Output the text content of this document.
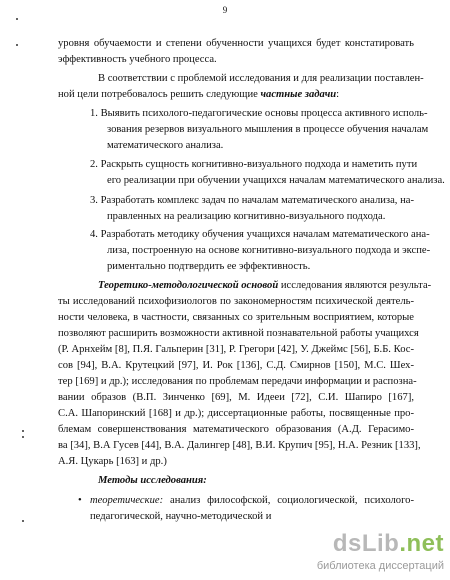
9
уровня обучаемости и степени обученности учащихся будет констатировать
эффективность учебного процесса.
В соответствии с проблемой исследования и для реализации поставлен-
ной цели потребовалось решить следующие частные задачи:
1. Выявить психолого-педагогические основы процесса активного исполь-
зования резервов визуального мышления в процессе обучения началам
математического анализа.
2. Раскрыть сущность когнитивно-визуального подхода и наметить пути
его реализации при обучении учащихся началам математического анализа.
3. Разработать комплекс задач по началам математического анализа, на-
правленных на реализацию когнитивно-визуального подхода.
4. Разработать методику обучения учащихся началам математического ана-
лиза, построенную на основе когнитивно-визуального подхода и экспе-
риментально подтвердить ее эффективность.
Теоретико-методологической основой исследования являются результа-
ты исследований психофизиологов по закономерностям психической деятель-
ности человека, в частности, связанных со зрительным восприятием, которые
позволяют расширить возможности активной познавательной работы учащихся
(Р. Арнхейм [8], П.Я. Гальперин [31], Р. Грегори [42], У. Джеймс [56], Б.Б. Кос-
сов [94], В.А. Крутецкий [97], И. Рок [136], С.Д. Смирнов [150], М.С. Шех-
тер [169] и др.); исследования по проблемам передачи информации и распозна-
вании образов (В.П. Зинченко [69], М. Идееи [72], С.И. Шапиро [167],
С.А. Шапоринский [168] и др.); диссертационные работы, посвященные про-
блемам совершенствования математического образования (А.Д. Герасимо-
ва [34], В.А Гусев [44], В.А. Далингер [48], В.И. Крупич [95], Н.А. Резник [133],
А.Я. Цукарь [163] и др.)
Методы исследования:
• теоретические: анализ философской, социологической, психолого-
педагогической, научно-методической и
dsLib.net
библиотека диссертаций
